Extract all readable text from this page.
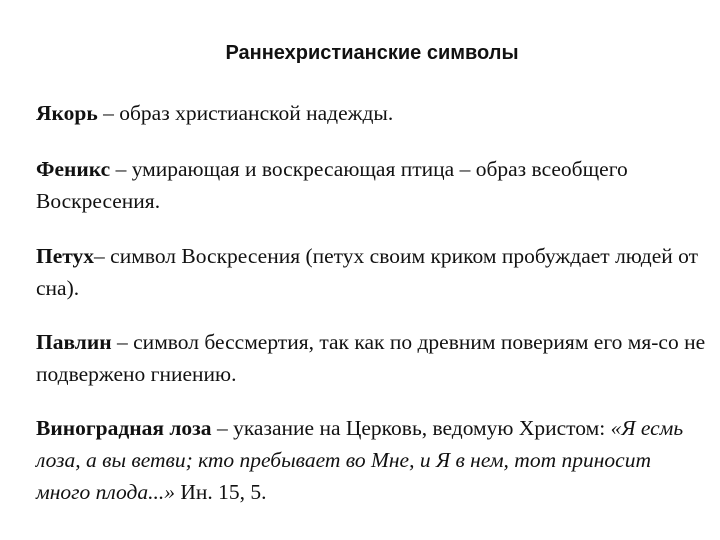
Раннехристианские символы

Якорь – образ христианской надежды.

Феникс – умирающая и воскресающая птица – образ всеобщего Воскресения.

Петух– символ Воскресения (петух своим криком пробуждает людей от сна).

Павлин – символ бессмертия, так как по древним повериям его мя-со не подвержено гниению.

Виноградная лоза – указание на Церковь, ведомую Христом: «Я есмь лоза, а вы ветви; кто пребывает во Мне, и Я в нем, тот приносит много плода...» Ин. 15, 5.
